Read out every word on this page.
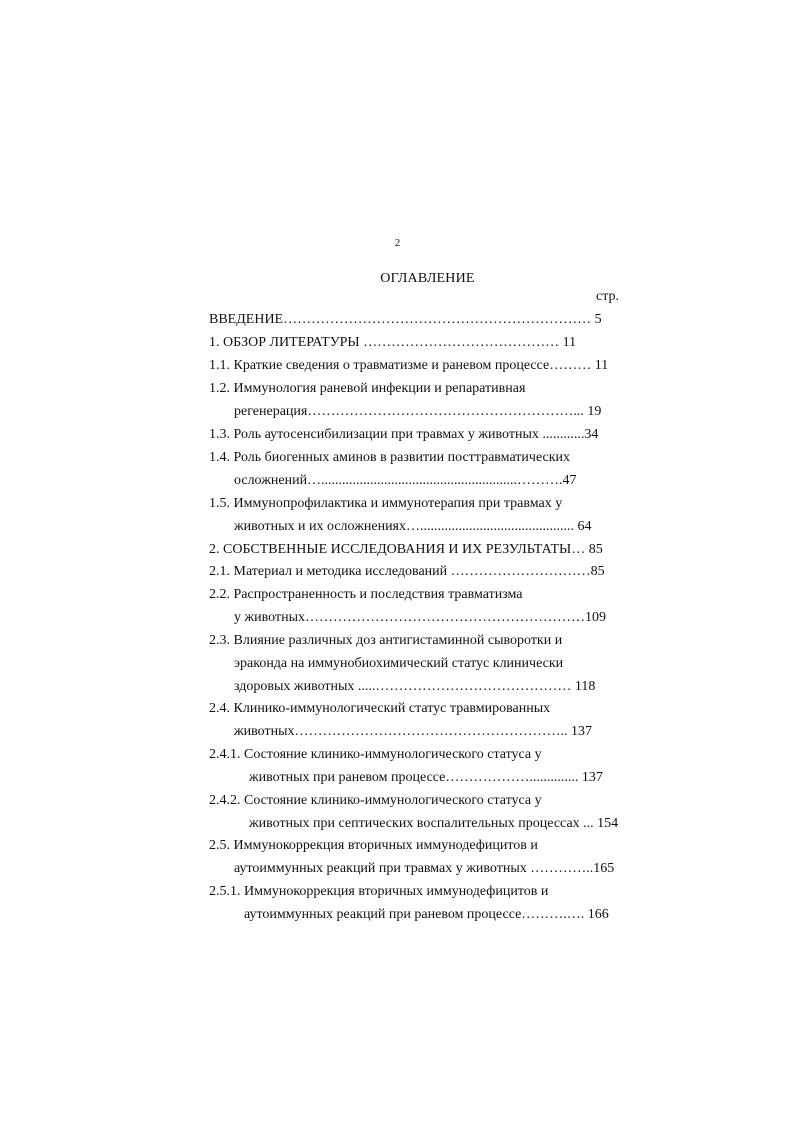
2
ОГЛАВЛЕНИЕ
стр.
ВВЕДЕНИЕ………………………………………………………… 5
1. ОБЗОР ЛИТЕРАТУРЫ …………………………………… 11
1.1. Краткие сведения о травматизме и раневом процессе……… 11
1.2. Иммунология раневой инфекции и репаративная
регенерация…………………………………………………... 19
1.3. Роль аутосенсибилизации при травмах у животных ............34
1.4. Роль биогенных аминов в развитии посттравматических
осложнений…........................................................……….47
1.5. Иммунопрофилактика и иммунотерапия при травмах у
животных и их осложнениях…............................................ 64
2. СОБСТВЕННЫЕ ИССЛЕДОВАНИЯ И ИХ РЕЗУЛЬТАТЫ… 85
2.1. Материал и методика исследований …………………………85
2.2. Распространенность и последствия травматизма
у животных……………………………………………………109
2.3. Влияние различных доз антигистаминной сыворотки и
эраконда на иммунобиохимический статус клинически
здоровых животных .....…………………………………… 118
2.4. Клинико-иммунологический статус травмированных
животных………………………………………………….. 137
2.4.1. Состояние клинико-иммунологического статуса у
животных при раневом процессе……………….............. 137
2.4.2. Состояние клинико-иммунологического статуса у
животных при септических воспалительных процессах ... 154
2.5. Иммунокоррекция вторичных иммунодефицитов и
аутоиммунных реакций при травмах у животных …………..165
2.5.1. Иммунокоррекция вторичных иммунодефицитов и
аутоиммунных реакций при раневом процессе……….…. 166
